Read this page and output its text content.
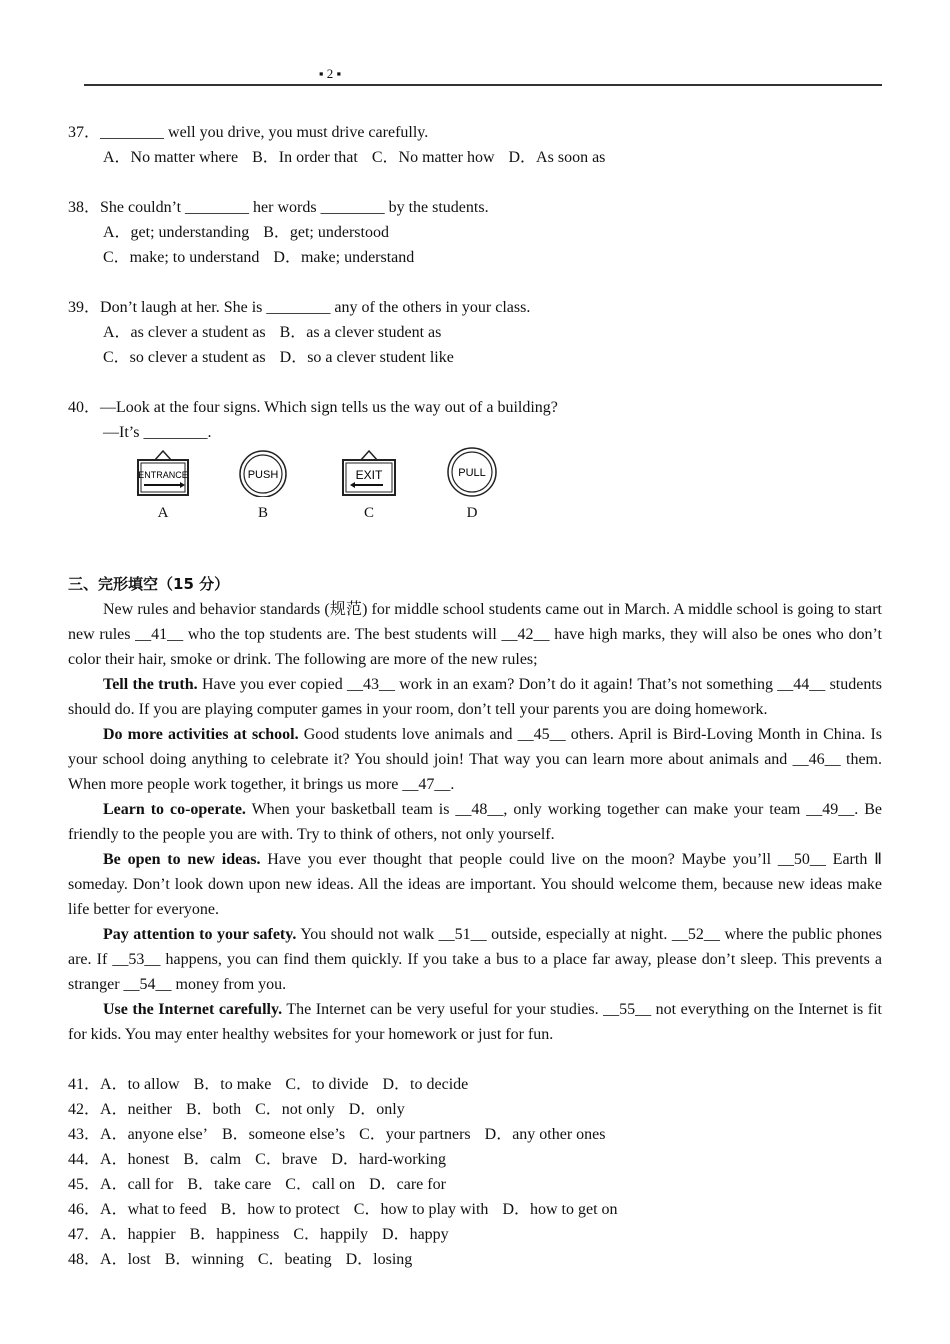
▪ 2 ▪
37．________ well you drive, you must drive carefully.
A．No matter where B．In order that C．No matter how D．As soon as
38．She couldn’t ________ her words ________ by the students.
A．get; understanding B．get; understood
C．make; to understand D．make; understand
39．Don’t laugh at her. She is ________ any of the others in your class.
A．as clever a student as B．as a clever student as
C．so clever a student as D．so a clever student like
40．—Look at the four signs. Which sign tells us the way out of a building?
—It’s ________.
ENTRANCE
A
PUSH
B
EXIT
C
PULL
D
三、完形填空（15 分）
New rules and behavior standards (规范) for middle school students came out in March. A middle school is going to start new rules __41__ who the top students are. The best students will __42__ have high marks, they will also be ones who don’t color their hair, smoke or drink. The following are more of the new rules;
Tell the truth. Have you ever copied __43__ work in an exam? Don’t do it again! That’s not something __44__ students should do. If you are playing computer games in your room, don’t tell your parents you are doing homework.
Do more activities at school. Good students love animals and __45__ others. April is Bird-Loving Month in China. Is your school doing anything to celebrate it? You should join! That way you can learn more about animals and __46__ them. When more people work together, it brings us more __47__.
Learn to co-operate. When your basketball team is __48__, only working together can make your team __49__. Be friendly to the people you are with. Try to think of others, not only yourself.
Be open to new ideas. Have you ever thought that people could live on the moon? Maybe you’ll __50__ Earth Ⅱ someday. Don’t look down upon new ideas. All the ideas are important. You should welcome them, because new ideas make life better for everyone.
Pay attention to your safety. You should not walk __51__ outside, especially at night. __52__ where the public phones are. If __53__ happens, you can find them quickly. If you take a bus to a place far away, please don’t sleep. This prevents a stranger __54__ money from you.
Use the Internet carefully. The Internet can be very useful for your studies. __55__ not everything on the Internet is fit for kids. You may enter healthy websites for your homework or just for fun.
41．A．to allow B．to make C．to divide D．to decide
42．A．neither B．both C．not only D．only
43．A．anyone else’ B．someone else’s C．your partners D．any other ones
44．A．honest B．calm C．brave D．hard-working
45．A．call for B．take care C．call on D．care for
46．A．what to feed B．how to protect C．how to play with D．how to get on
47．A．happier B．happiness C．happily D．happy
48．A．lost B．winning C．beating D．losing
